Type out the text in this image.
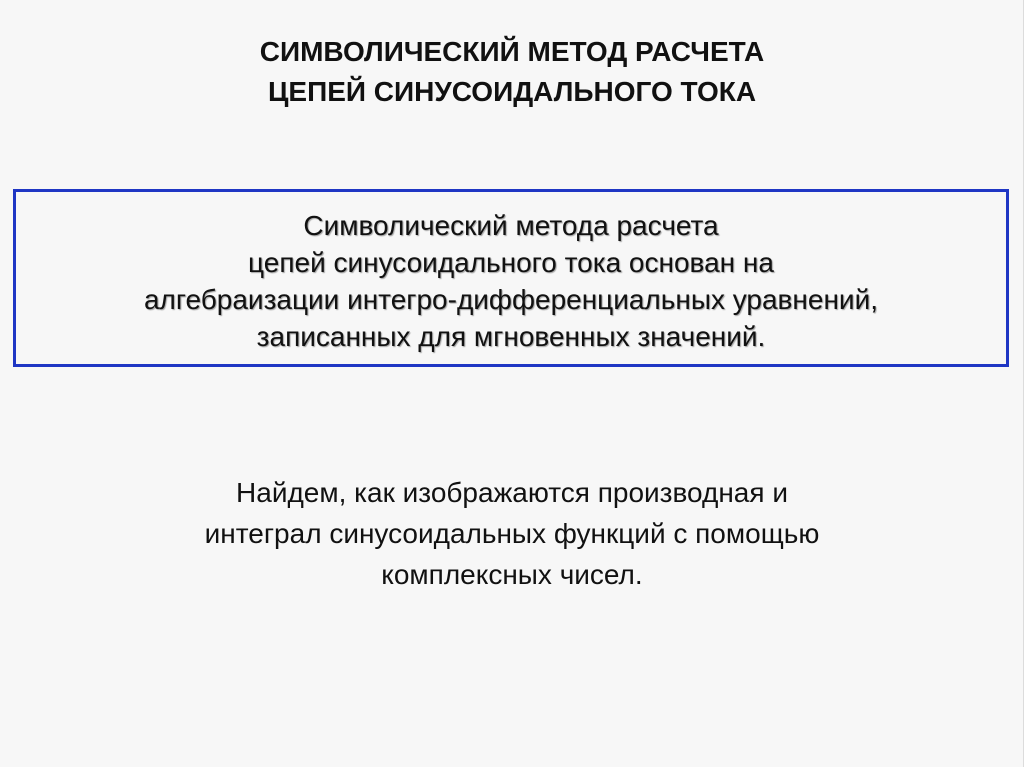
СИМВОЛИЧЕСКИЙ МЕТОД РАСЧЕТА
ЦЕПЕЙ СИНУСОИДАЛЬНОГО ТОКА
Символический метода расчета
цепей синусоидального тока основан на
алгебраизации интегро-дифференциальных уравнений,
записанных для мгновенных значений.
Найдем, как изображаются производная и
интеграл синусоидальных функций с помощью
комплексных чисел.
